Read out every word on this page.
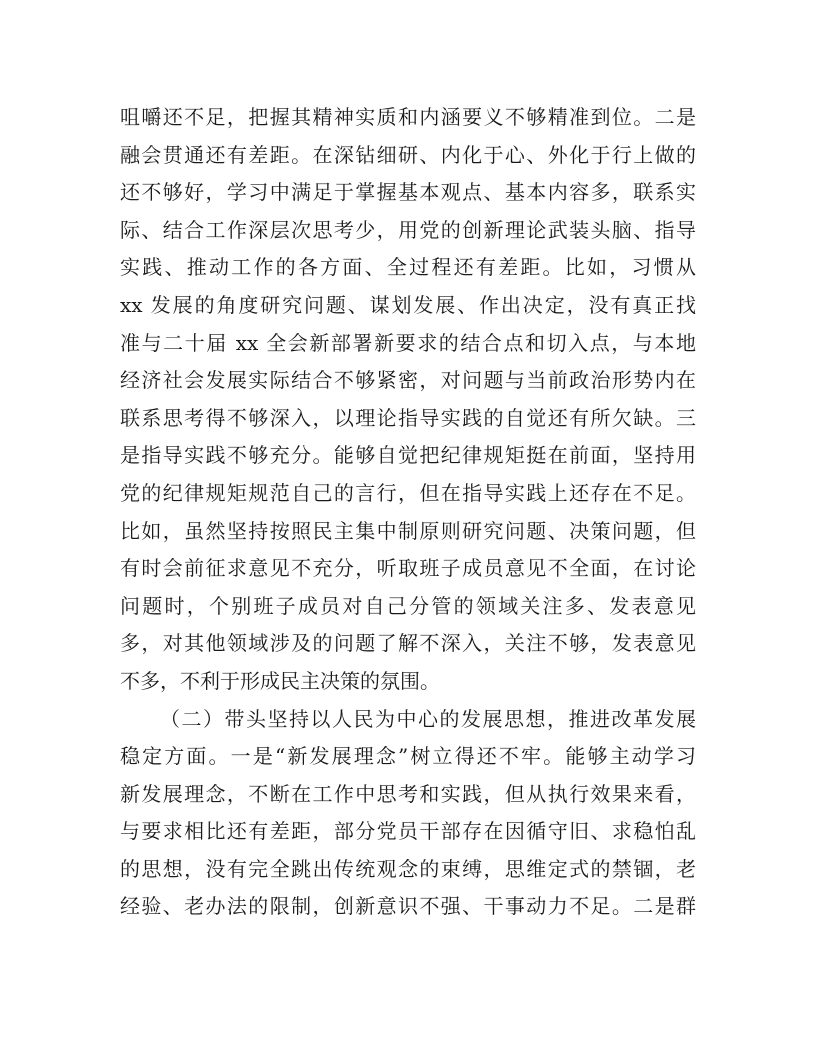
咀嚼还不足，把握其精神实质和内涵要义不够精准到位。二是
融会贯通还有差距。在深钻细研、内化于心、外化于行上做的
还不够好，学习中满足于掌握基本观点、基本内容多，联系实
际、结合工作深层次思考少，用党的创新理论武装头脑、指导
实践、推动工作的各方面、全过程还有差距。比如，习惯从
xx 发展的角度研究问题、谋划发展、作出决定，没有真正找
准与二十届 xx 全会新部署新要求的结合点和切入点，与本地
经济社会发展实际结合不够紧密，对问题与当前政治形势内在
联系思考得不够深入，以理论指导实践的自觉还有所欠缺。三
是指导实践不够充分。能够自觉把纪律规矩挺在前面，坚持用
党的纪律规矩规范自己的言行，但在指导实践上还存在不足。
比如，虽然坚持按照民主集中制原则研究问题、决策问题，但
有时会前征求意见不充分，听取班子成员意见不全面，在讨论
问题时，个别班子成员对自己分管的领域关注多、发表意见
多，对其他领域涉及的问题了解不深入，关注不够，发表意见
不多，不利于形成民主决策的氛围。
（二）带头坚持以人民为中心的发展思想，推进改革发展
稳定方面。一是“新发展理念”树立得还不牢。能够主动学习
新发展理念，不断在工作中思考和实践，但从执行效果来看，
与要求相比还有差距，部分党员干部存在因循守旧、求稳怕乱
的思想，没有完全跳出传统观念的束缚，思维定式的禁锢，老
经验、老办法的限制，创新意识不强、干事动力不足。二是群
